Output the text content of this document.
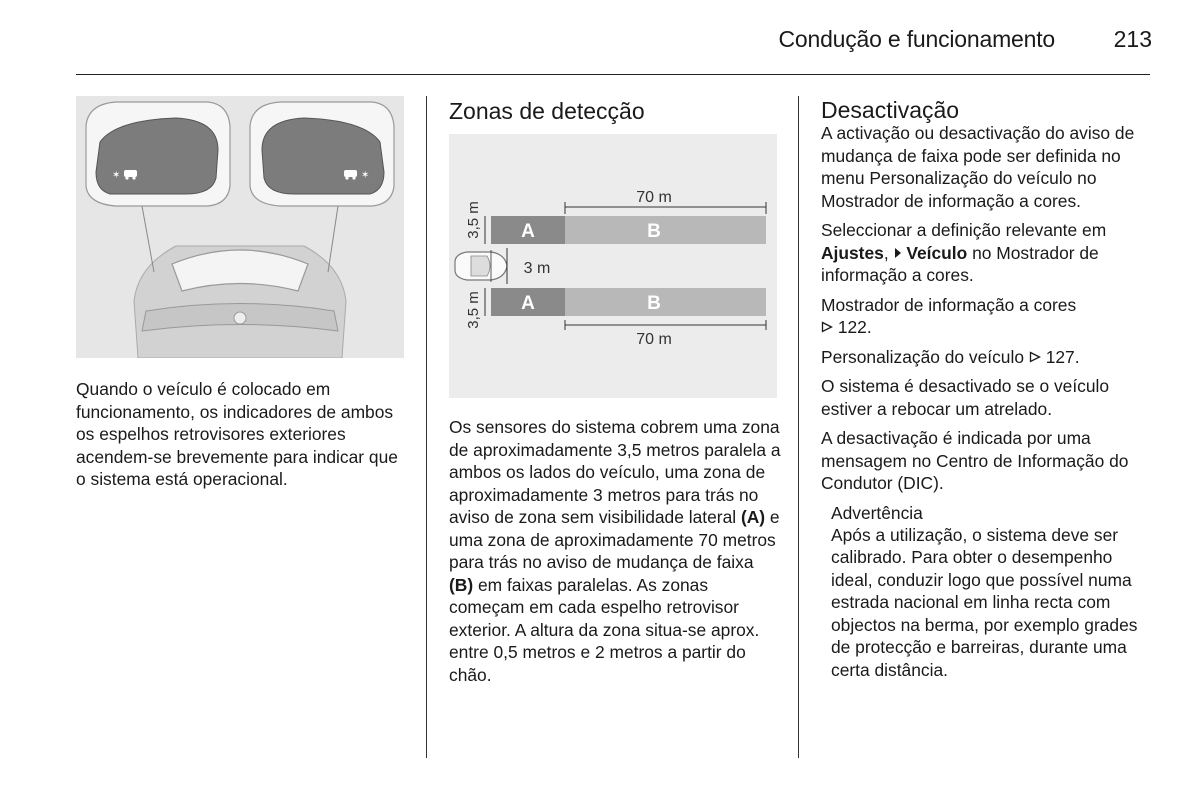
Condução e funcionamento	213
✶	✶

Quando o veículo é colocado em funcionamento, os indicadores de ambos os espelhos retrovisores exteriores acendem-se brevemente para indicar que o sistema está operacional.

Zonas de detecção
A	B
70 m
3,5 m
3 m
A	B
70 m
3,5 m

Os sensores do sistema cobrem uma zona de aproximadamente 3,5 metros paralela a ambos os lados do veículo, uma zona de aproximadamente 3 metros para trás no aviso de zona sem visibilidade lateral (A) e uma zona de aproximadamente 70 metros para trás no aviso de mudança de faixa (B) em faixas paralelas. As zonas começam em cada espelho retrovisor exterior. A altura da zona situa-se aprox. entre 0,5 metros e 2 metros a partir do chão.

Desactivação

A activação ou desactivação do aviso de mudança de faixa pode ser definida no menu Personalização do veículo no Mostrador de informação a cores.

Seleccionar a definição relevante em Ajustes,  Veículo no Mostrador de informação a cores.

Mostrador de informação a cores
122.

Personalização do veículo 127.

O sistema é desactivado se o veículo estiver a rebocar um atrelado.

A desactivação é indicada por uma mensagem no Centro de Informação do Condutor (DIC).

Advertência
Após a utilização, o sistema deve ser calibrado. Para obter o desempenho ideal, conduzir logo que possível numa estrada nacional em linha recta com objectos na berma, por exemplo grades de protecção e barreiras, durante uma certa distância.
